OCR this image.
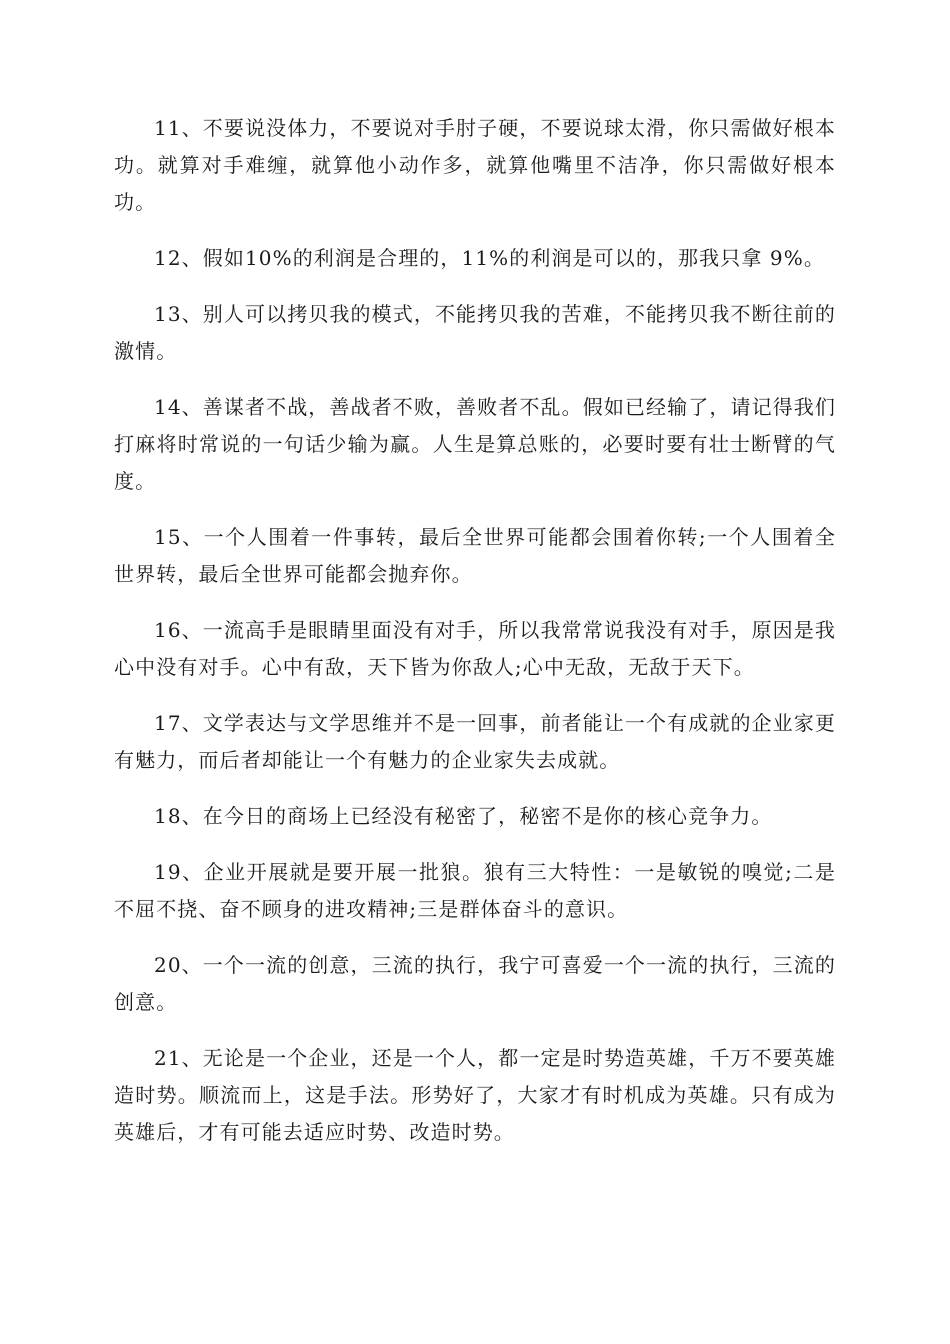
11、不要说没体力，不要说对手肘子硬，不要说球太滑，你只需做好根本功。就算对手难缠，就算他小动作多，就算他嘴里不洁净，你只需做好根本功。

12、假如10%的利润是合理的，11%的利润是可以的，那我只拿 9%。

13、别人可以拷贝我的模式，不能拷贝我的苦难，不能拷贝我不断往前的激情。

14、善谋者不战，善战者不败，善败者不乱。假如已经输了，请记得我们打麻将时常说的一句话少输为赢。人生是算总账的，必要时要有壮士断臂的气度。

15、一个人围着一件事转，最后全世界可能都会围着你转;一个人围着全世界转，最后全世界可能都会抛弃你。

16、一流高手是眼睛里面没有对手，所以我常常说我没有对手，原因是我心中没有对手。心中有敌，天下皆为你敌人;心中无敌，无敌于天下。

17、文学表达与文学思维并不是一回事，前者能让一个有成就的企业家更有魅力，而后者却能让一个有魅力的企业家失去成就。

18、在今日的商场上已经没有秘密了，秘密不是你的核心竞争力。

19、企业开展就是要开展一批狼。狼有三大特性：一是敏锐的嗅觉;二是不屈不挠、奋不顾身的进攻精神;三是群体奋斗的意识。

20、一个一流的创意，三流的执行，我宁可喜爱一个一流的执行，三流的创意。

21、无论是一个企业，还是一个人，都一定是时势造英雄，千万不要英雄造时势。顺流而上，这是手法。形势好了，大家才有时机成为英雄。只有成为英雄后，才有可能去适应时势、改造时势。
